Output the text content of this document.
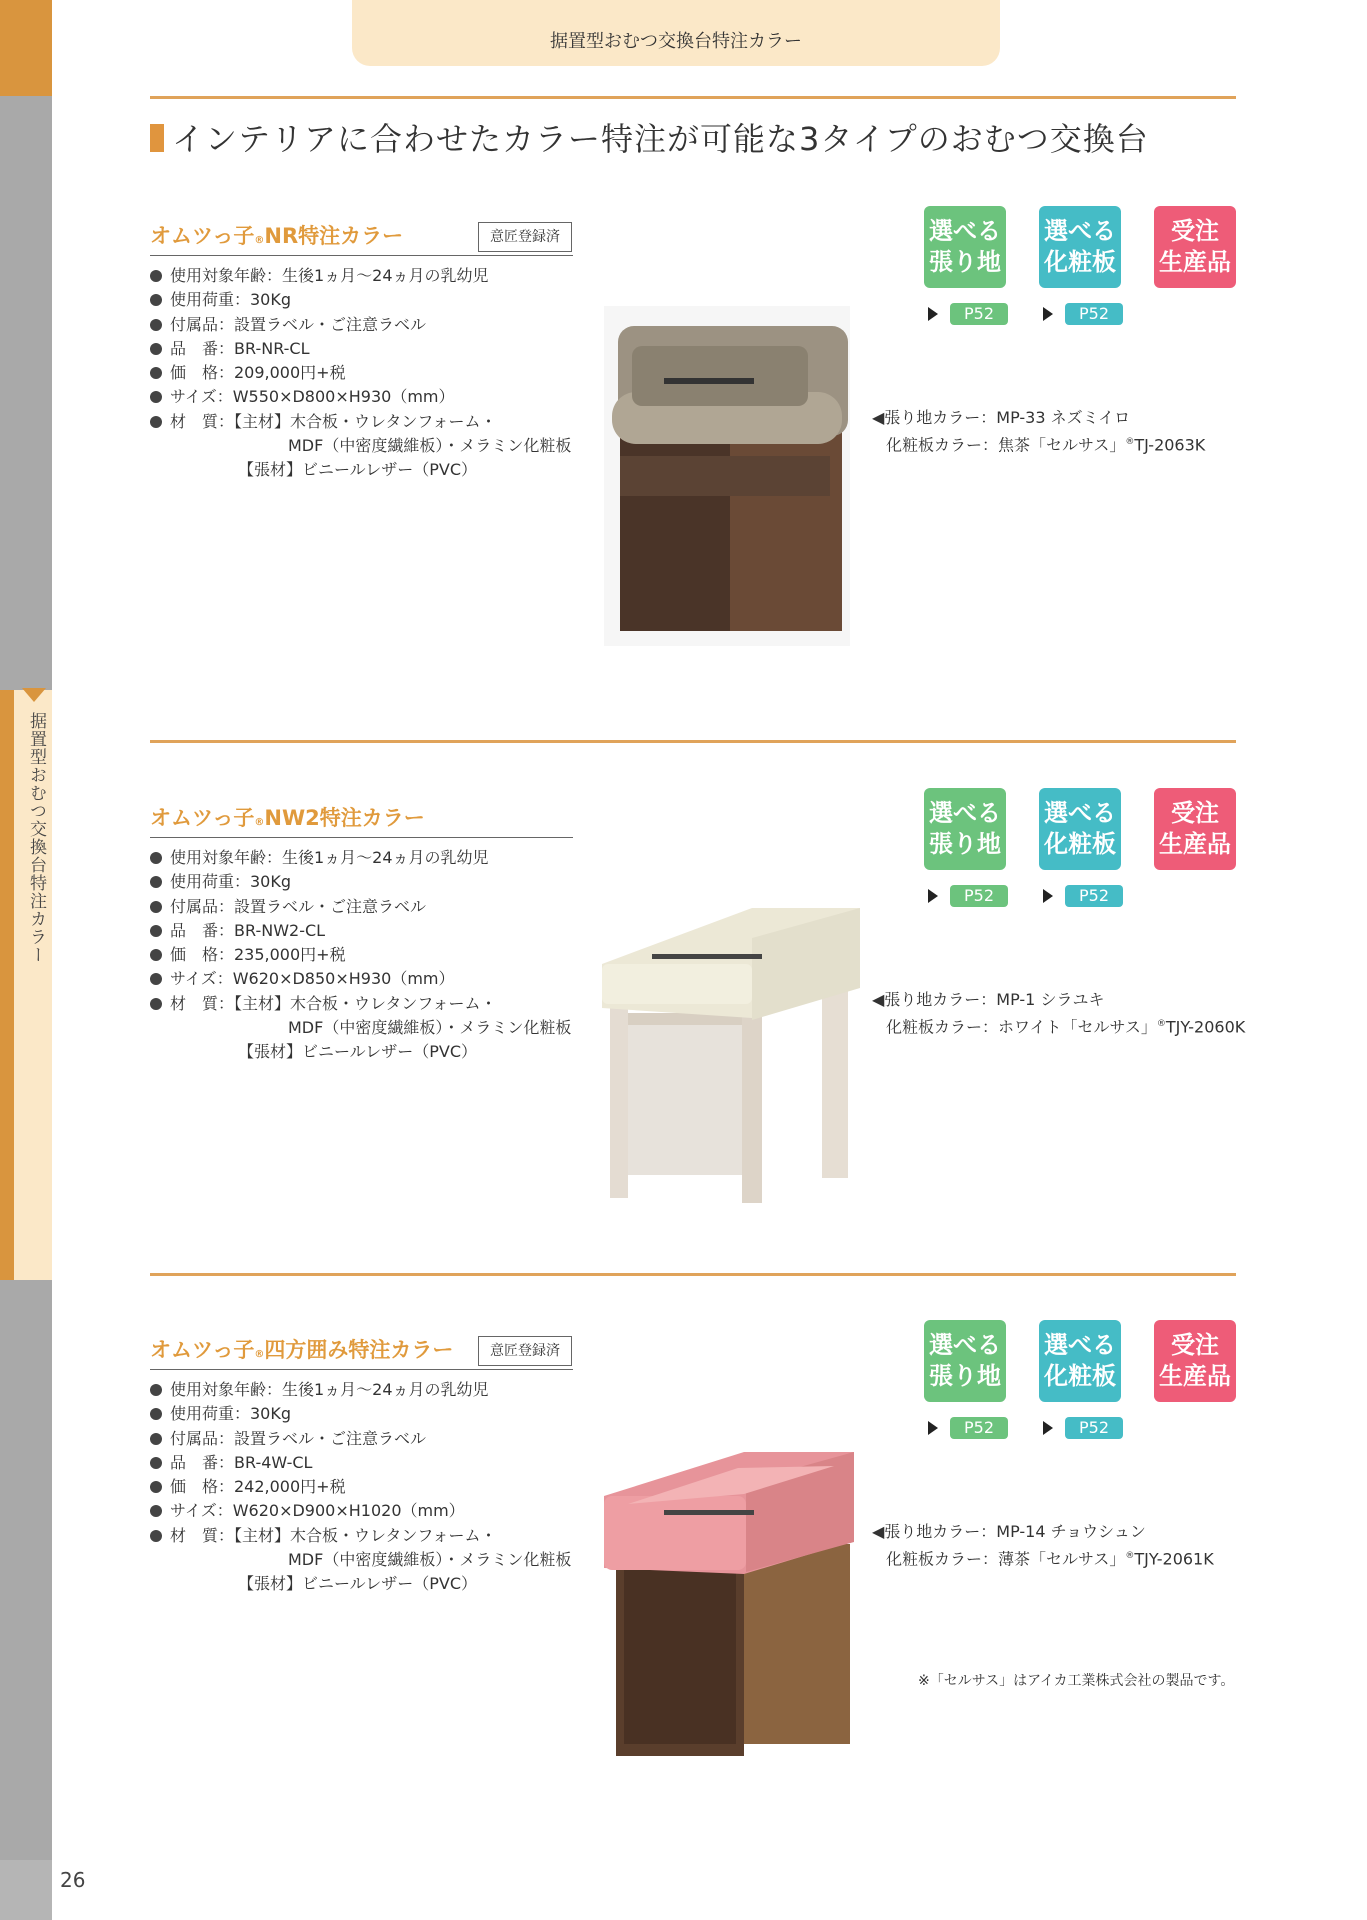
据置型おむつ交換台特注カラー
26
据置型おむつ交換台特注カラー
インテリアに合わせたカラー特注が可能な3タイプのおむつ交換台
オムツっ子®NR特注カラー	意匠登録済
使用対象年齢：生後1ヵ月～24ヵ月の乳幼児
使用荷重：30Kg
付属品：設置ラベル・ご注意ラベル
品　番：BR-NR-CL
価　格：209,000円+税
サイズ：W550×D800×H930（mm）
材　質：【主材】木合板・ウレタンフォーム・
MDF（中密度繊維板）・メラミン化粧板
【張材】ビニールレザー（PVC）
選べる
張り地
選べる
化粧板
受注
生産品
P52	P52
◀張り地カラー：MP-33 ネズミイロ
化粧板カラー：焦茶「セルサス」®TJ-2063K
オムツっ子®NW2特注カラー
使用対象年齢：生後1ヵ月～24ヵ月の乳幼児
使用荷重：30Kg
付属品：設置ラベル・ご注意ラベル
品　番：BR-NW2-CL
価　格：235,000円+税
サイズ：W620×D850×H930（mm）
材　質：【主材】木合板・ウレタンフォーム・
MDF（中密度繊維板）・メラミン化粧板
【張材】ビニールレザー（PVC）
選べる
張り地
選べる
化粧板
受注
生産品
P52	P52
◀張り地カラー：MP-1 シラユキ
化粧板カラー：ホワイト「セルサス」®TJY-2060K
オムツっ子®四方囲み特注カラー	意匠登録済
使用対象年齢：生後1ヵ月～24ヵ月の乳幼児
使用荷重：30Kg
付属品：設置ラベル・ご注意ラベル
品　番：BR-4W-CL
価　格：242,000円+税
サイズ：W620×D900×H1020（mm）
材　質：【主材】木合板・ウレタンフォーム・
MDF（中密度繊維板）・メラミン化粧板
【張材】ビニールレザー（PVC）
選べる
張り地
選べる
化粧板
受注
生産品
P52	P52
◀張り地カラー：MP-14 チョウシュン
化粧板カラー：薄茶「セルサス」®TJY-2061K
※「セルサス」はアイカ工業株式会社の製品です。
